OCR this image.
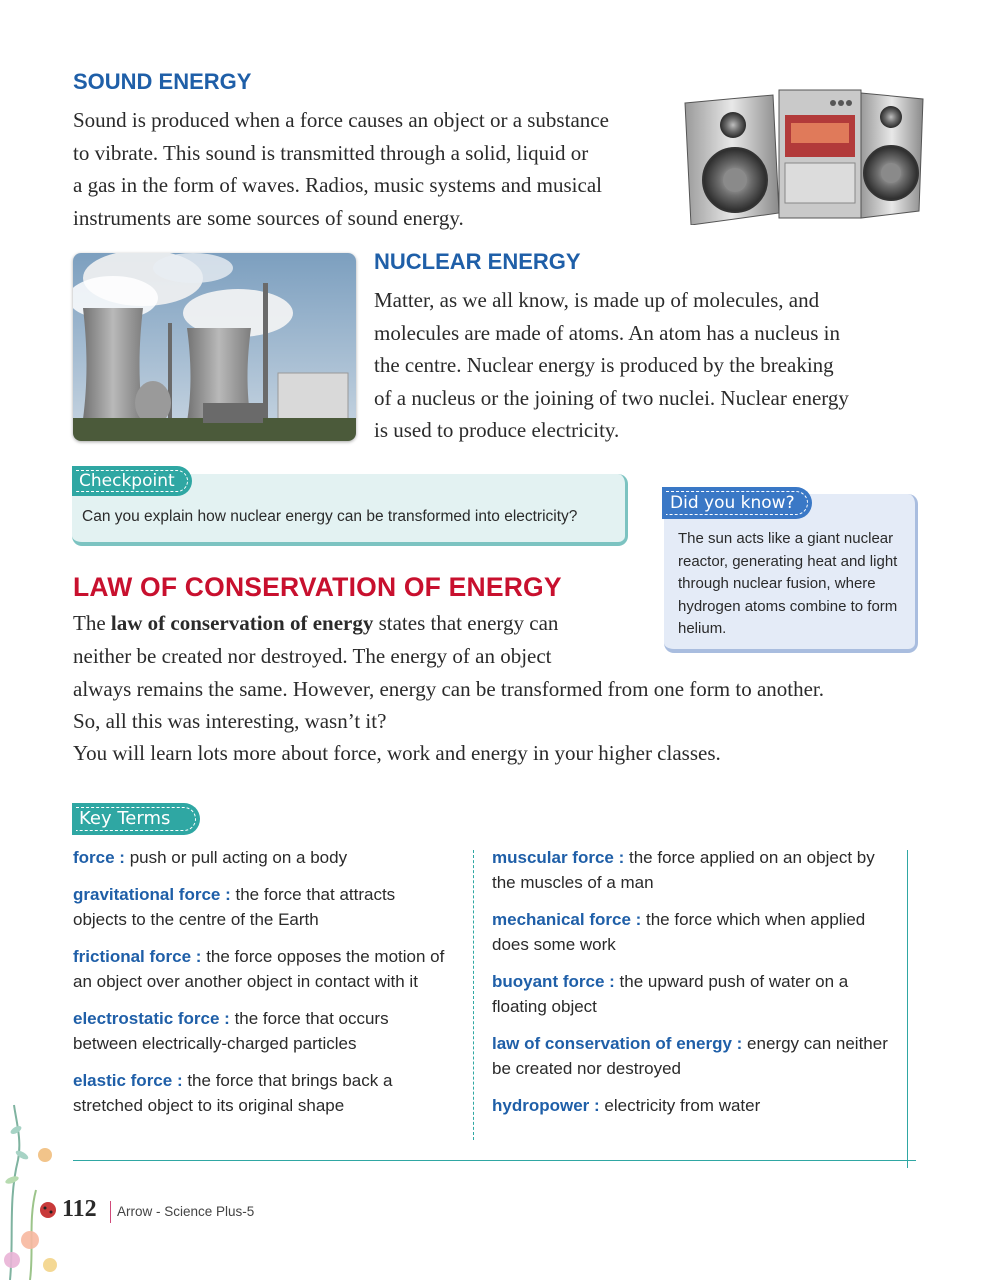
SOUND ENERGY

Sound is produced when a force causes an object or a substance

to vibrate. This sound is transmitted through a solid, liquid or

a gas in the form of waves. Radios, music systems and musical

instruments are some sources of sound energy.

NUCLEAR ENERGY

Matter, as we all know, is made up of molecules, and

molecules are made of atoms. An atom has a nucleus in

the centre. Nuclear energy is produced by the breaking

of a nucleus or the joining of two nuclei. Nuclear energy

is used to produce electricity.

Checkpoint
Can you explain how nuclear energy can be transformed into electricity?
Did you know?
The sun acts like a giant nuclear reactor, generating heat and light through nuclear fusion, where hydrogen atoms combine to form helium.
LAW OF CONSERVATION OF ENERGY

The law of conservation of energy states that energy can

neither be created nor destroyed. The energy of an object

always remains the same. However, energy can be transformed from one form to another.

So, all this was interesting, wasn’t it?

You will learn lots more about force, work and energy in your higher classes.

Key Terms

force : push or pull acting on a body

gravitational force : the force that attracts objects to the centre of the Earth

frictional force : the force opposes the motion of an object over another object in contact with it

electrostatic force : the force that occurs between electrically-charged particles

elastic force : the force that brings back a stretched object to its original shape

muscular force : the force applied on an object by the muscles of a man

mechanical force : the force which when applied does some work

buoyant force : the upward push of water on a floating object

law of conservation of energy : energy can neither be created nor destroyed

hydropower : electricity from water

112 Arrow - Science Plus-5
